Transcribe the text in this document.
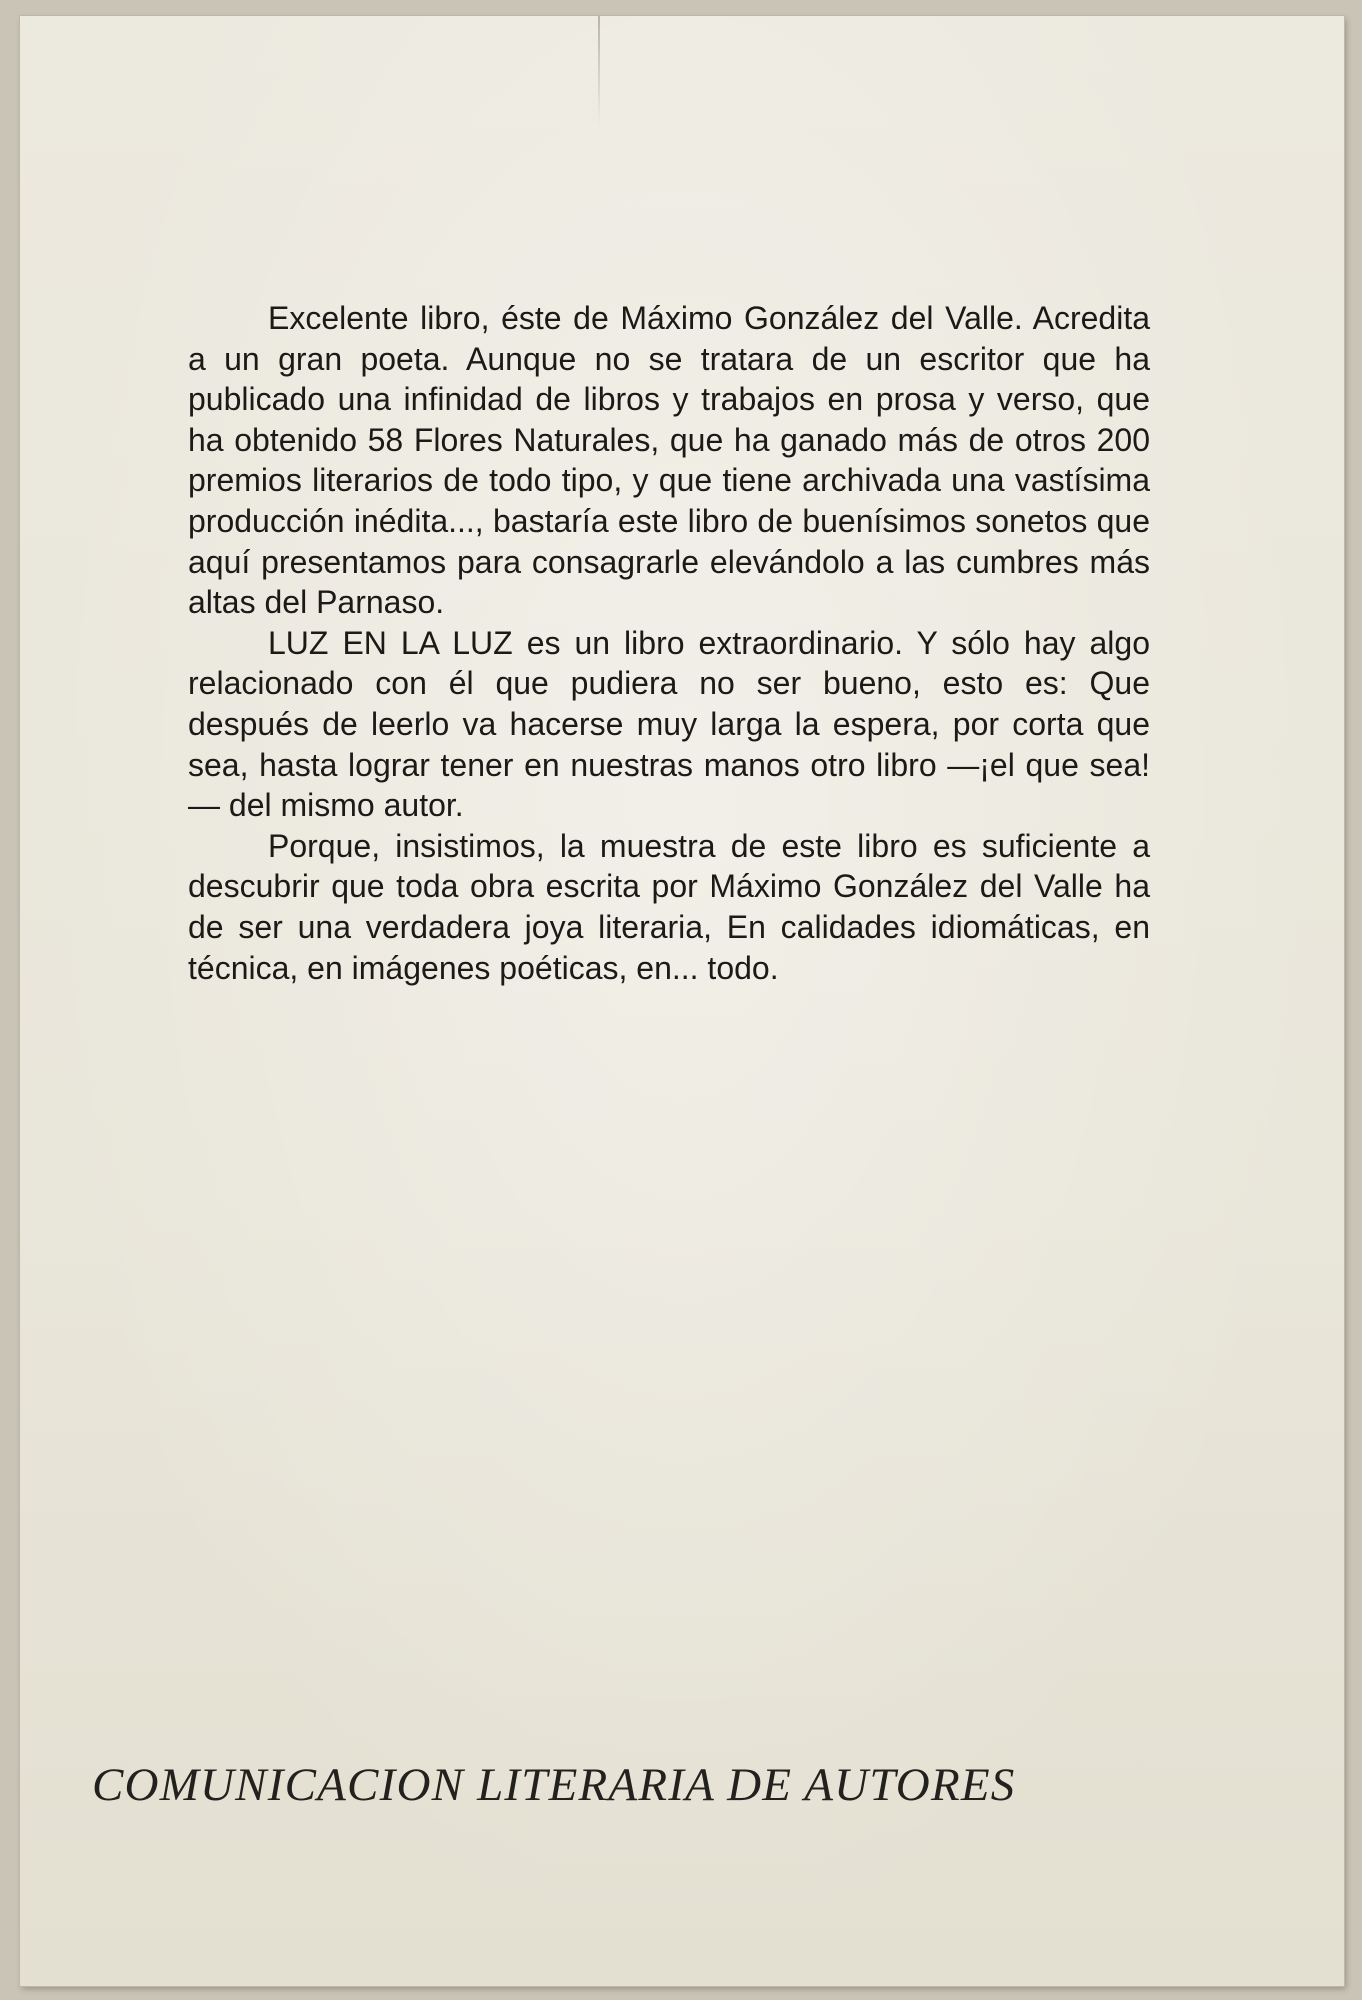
Excelente libro, éste de Máximo González del Valle. Acredita a un gran poeta. Aunque no se tratara de un escritor que ha publicado una infinidad de libros y trabajos en prosa y verso, que ha obtenido 58 Flores Naturales, que ha ganado más de otros 200 premios literarios de todo tipo, y que tiene archivada una vastísima producción inédita..., bastaría este libro de buenísimos sonetos que aquí presentamos para consagrarle elevándolo a las cumbres más altas del Parnaso.

LUZ EN LA LUZ es un libro extraordinario. Y sólo hay algo relacionado con él que pudiera no ser bueno, esto es: Que después de leerlo va hacerse muy larga la espera, por corta que sea, hasta lograr tener en nuestras manos otro libro —¡el que sea!— del mismo autor.

Porque, insistimos, la muestra de este libro es suficiente a descubrir que toda obra escrita por Máximo González del Valle ha de ser una verdadera joya literaria, En calidades idiomáticas, en técnica, en imágenes poéticas, en... todo.

COMUNICACION LITERARIA DE AUTORES
